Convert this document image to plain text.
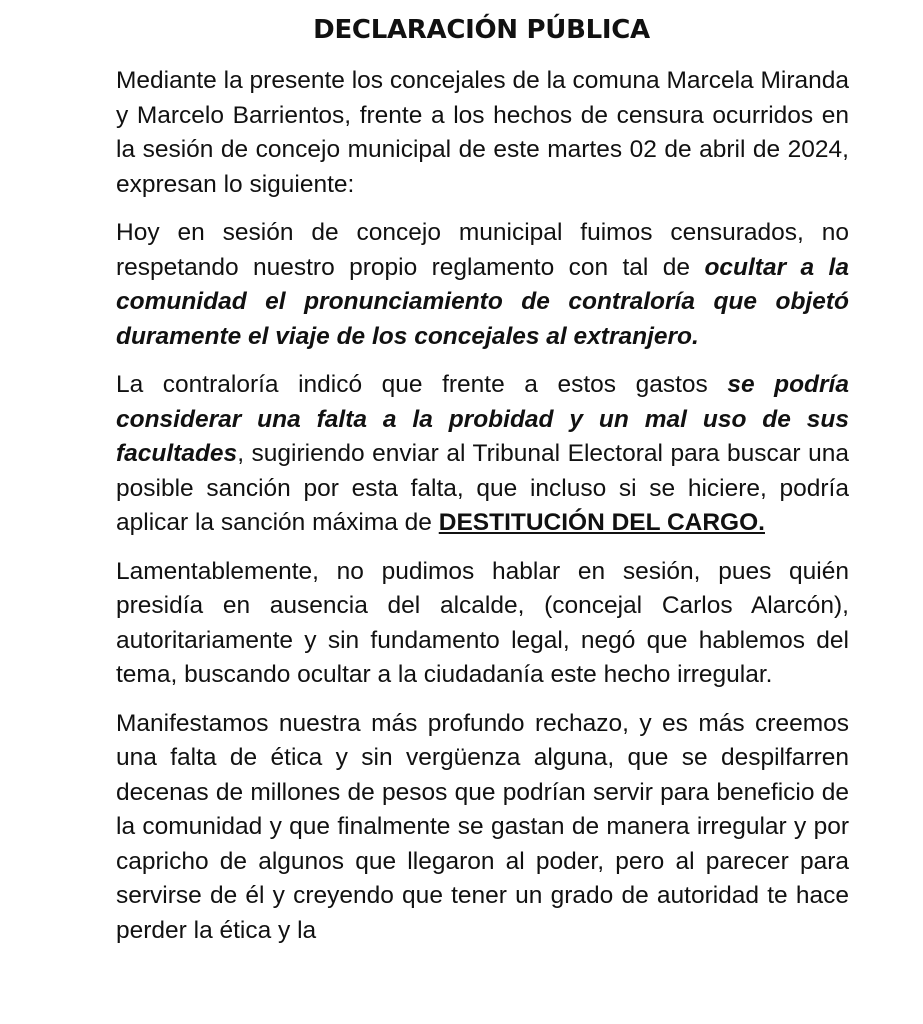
DECLARACIÓN PÚBLICA

Mediante la presente los concejales de la comuna Marcela Miranda y Marcelo Barrientos, frente a los hechos de censura ocurridos en la sesión de concejo municipal de este martes 02 de abril de 2024, expresan lo siguiente:

Hoy en sesión de concejo municipal fuimos censurados, no respetando nuestro propio reglamento con tal de ocultar a la comunidad el pronunciamiento de contraloría que objetó duramente el viaje de los concejales al extranjero.

La contraloría indicó que frente a estos gastos se podría considerar una falta a la probidad y un mal uso de sus facultades, sugiriendo enviar al Tribunal Electoral para buscar una posible sanción por esta falta, que incluso si se hiciere, podría aplicar la sanción máxima de DESTITUCIÓN DEL CARGO.

Lamentablemente, no pudimos hablar en sesión, pues quién presidía en ausencia del alcalde, (concejal Carlos Alarcón), autoritariamente y sin fundamento legal, negó que hablemos del tema, buscando ocultar a la ciudadanía este hecho irregular.

Manifestamos nuestra más profundo rechazo, y es más creemos una falta de ética y sin vergüenza alguna, que se despilfarren decenas de millones de pesos que podrían servir para beneficio de la comunidad y que finalmente se gastan de manera irregular y por capricho de algunos que llegaron al poder, pero al parecer para servirse de él y creyendo que tener un grado de autoridad te hace perder la ética y la
